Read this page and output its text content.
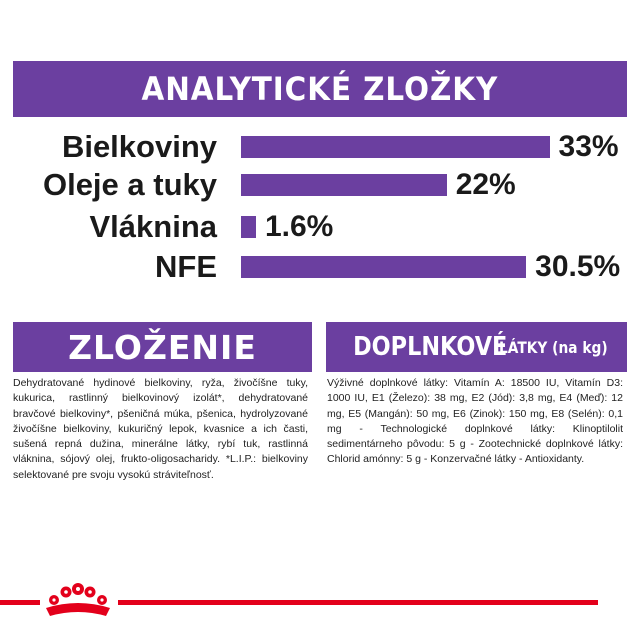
ANALYTICKÉ ZLOŽKY
Bielkoviny	33%
Oleje a tuky	22%
Vláknina 1.6%
NFE	30.5%
ZLOŽENIE
Dehydratované hydinové bielkoviny, ryža, živočíšne tuky, kukurica, rastlinný bielkovinový izolát*, dehydratované bravčové bielkoviny*, pšeničná múka, pšenica, hydrolyzované živočíšne bielkoviny, kukuričný lepok, kvasnice a ich časti, sušená repná dužina, minerálne látky, rybí tuk, rastlinná vláknina, sójový olej, frukto-oligosacharidy. *L.I.P.: bielkoviny selektované pre svoju vysokú stráviteľnosť.
DOPLNKOVÉ
LÁTKY (na kg)
Výživné doplnkové látky: Vitamín A: 18500 IU, Vitamín D3: 1000 IU, E1 (Železo): 38 mg, E2 (Jód): 3,8 mg, E4 (Meď): 12 mg, E5 (Mangán): 50 mg, E6 (Zinok): 150 mg, E8 (Selén): 0,1 mg - Technologické doplnkové látky: Klinoptilolit sedimentárneho pôvodu: 5 g - Zootechnické doplnkové látky: Chlorid amónny: 5 g - Konzervačné látky - Antioxidanty.
